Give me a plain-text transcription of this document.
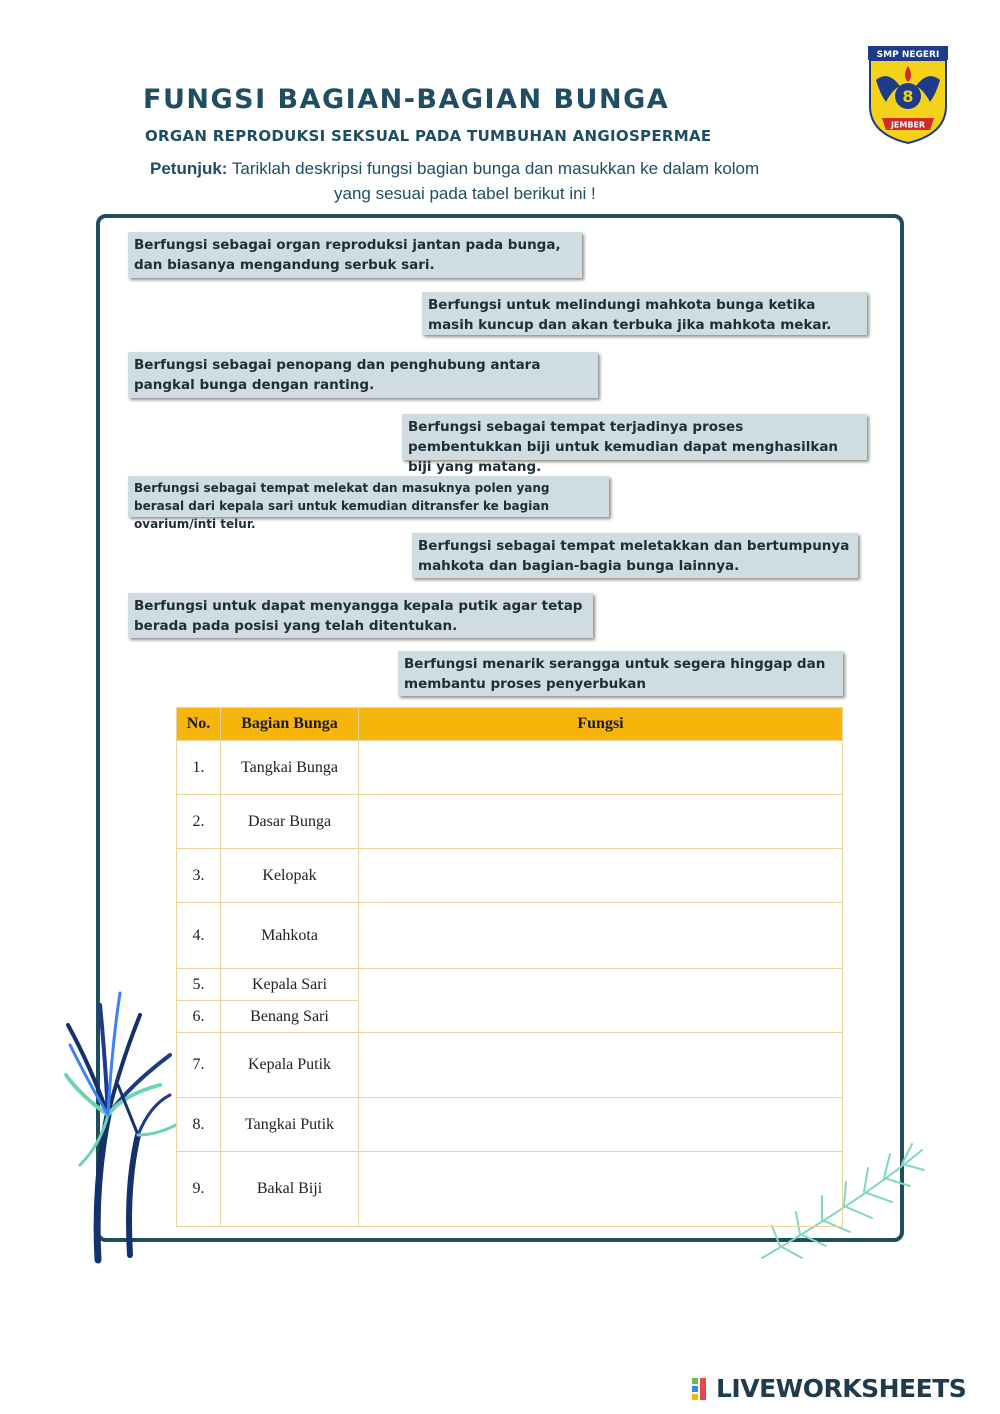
FUNGSI BAGIAN-BAGIAN BUNGA
ORGAN REPRODUKSI SEKSUAL PADA TUMBUHAN ANGIOSPERMAE
Petunjuk: Tariklah deskripsi fungsi bagian bunga dan masukkan ke dalam kolom
yang sesuai pada tabel berikut ini !
SMP NEGERI
8
JEMBER
Berfungsi sebagai organ reproduksi jantan pada bunga, dan biasanya mengandung serbuk sari.
Berfungsi untuk melindungi mahkota bunga ketika masih kuncup dan akan terbuka jika mahkota mekar.
Berfungsi sebagai penopang dan penghubung antara pangkal bunga dengan ranting.
Berfungsi sebagai tempat terjadinya proses pembentukkan biji untuk kemudian dapat menghasilkan biji yang matang.
Berfungsi sebagai tempat melekat dan masuknya polen yang berasal dari kepala sari untuk kemudian ditransfer ke bagian ovarium/inti telur.
Berfungsi sebagai tempat meletakkan dan bertumpunya mahkota dan bagian-bagia bunga lainnya.
Berfungsi untuk dapat menyangga kepala putik agar tetap berada pada posisi yang telah ditentukan.
Berfungsi menarik serangga untuk segera hinggap dan membantu proses penyerbukan
No.	Bagian Bunga	Fungsi
1.	Tangkai Bunga	
2.	Dasar Bunga	
3.	Kelopak	
4.	Mahkota	
5.	Kepala Sari	
6.	Benang Sari	
7.	Kepala Putik	
8.	Tangkai Putik	
9.	Bakal Biji	
LIVEWORKSHEETS
